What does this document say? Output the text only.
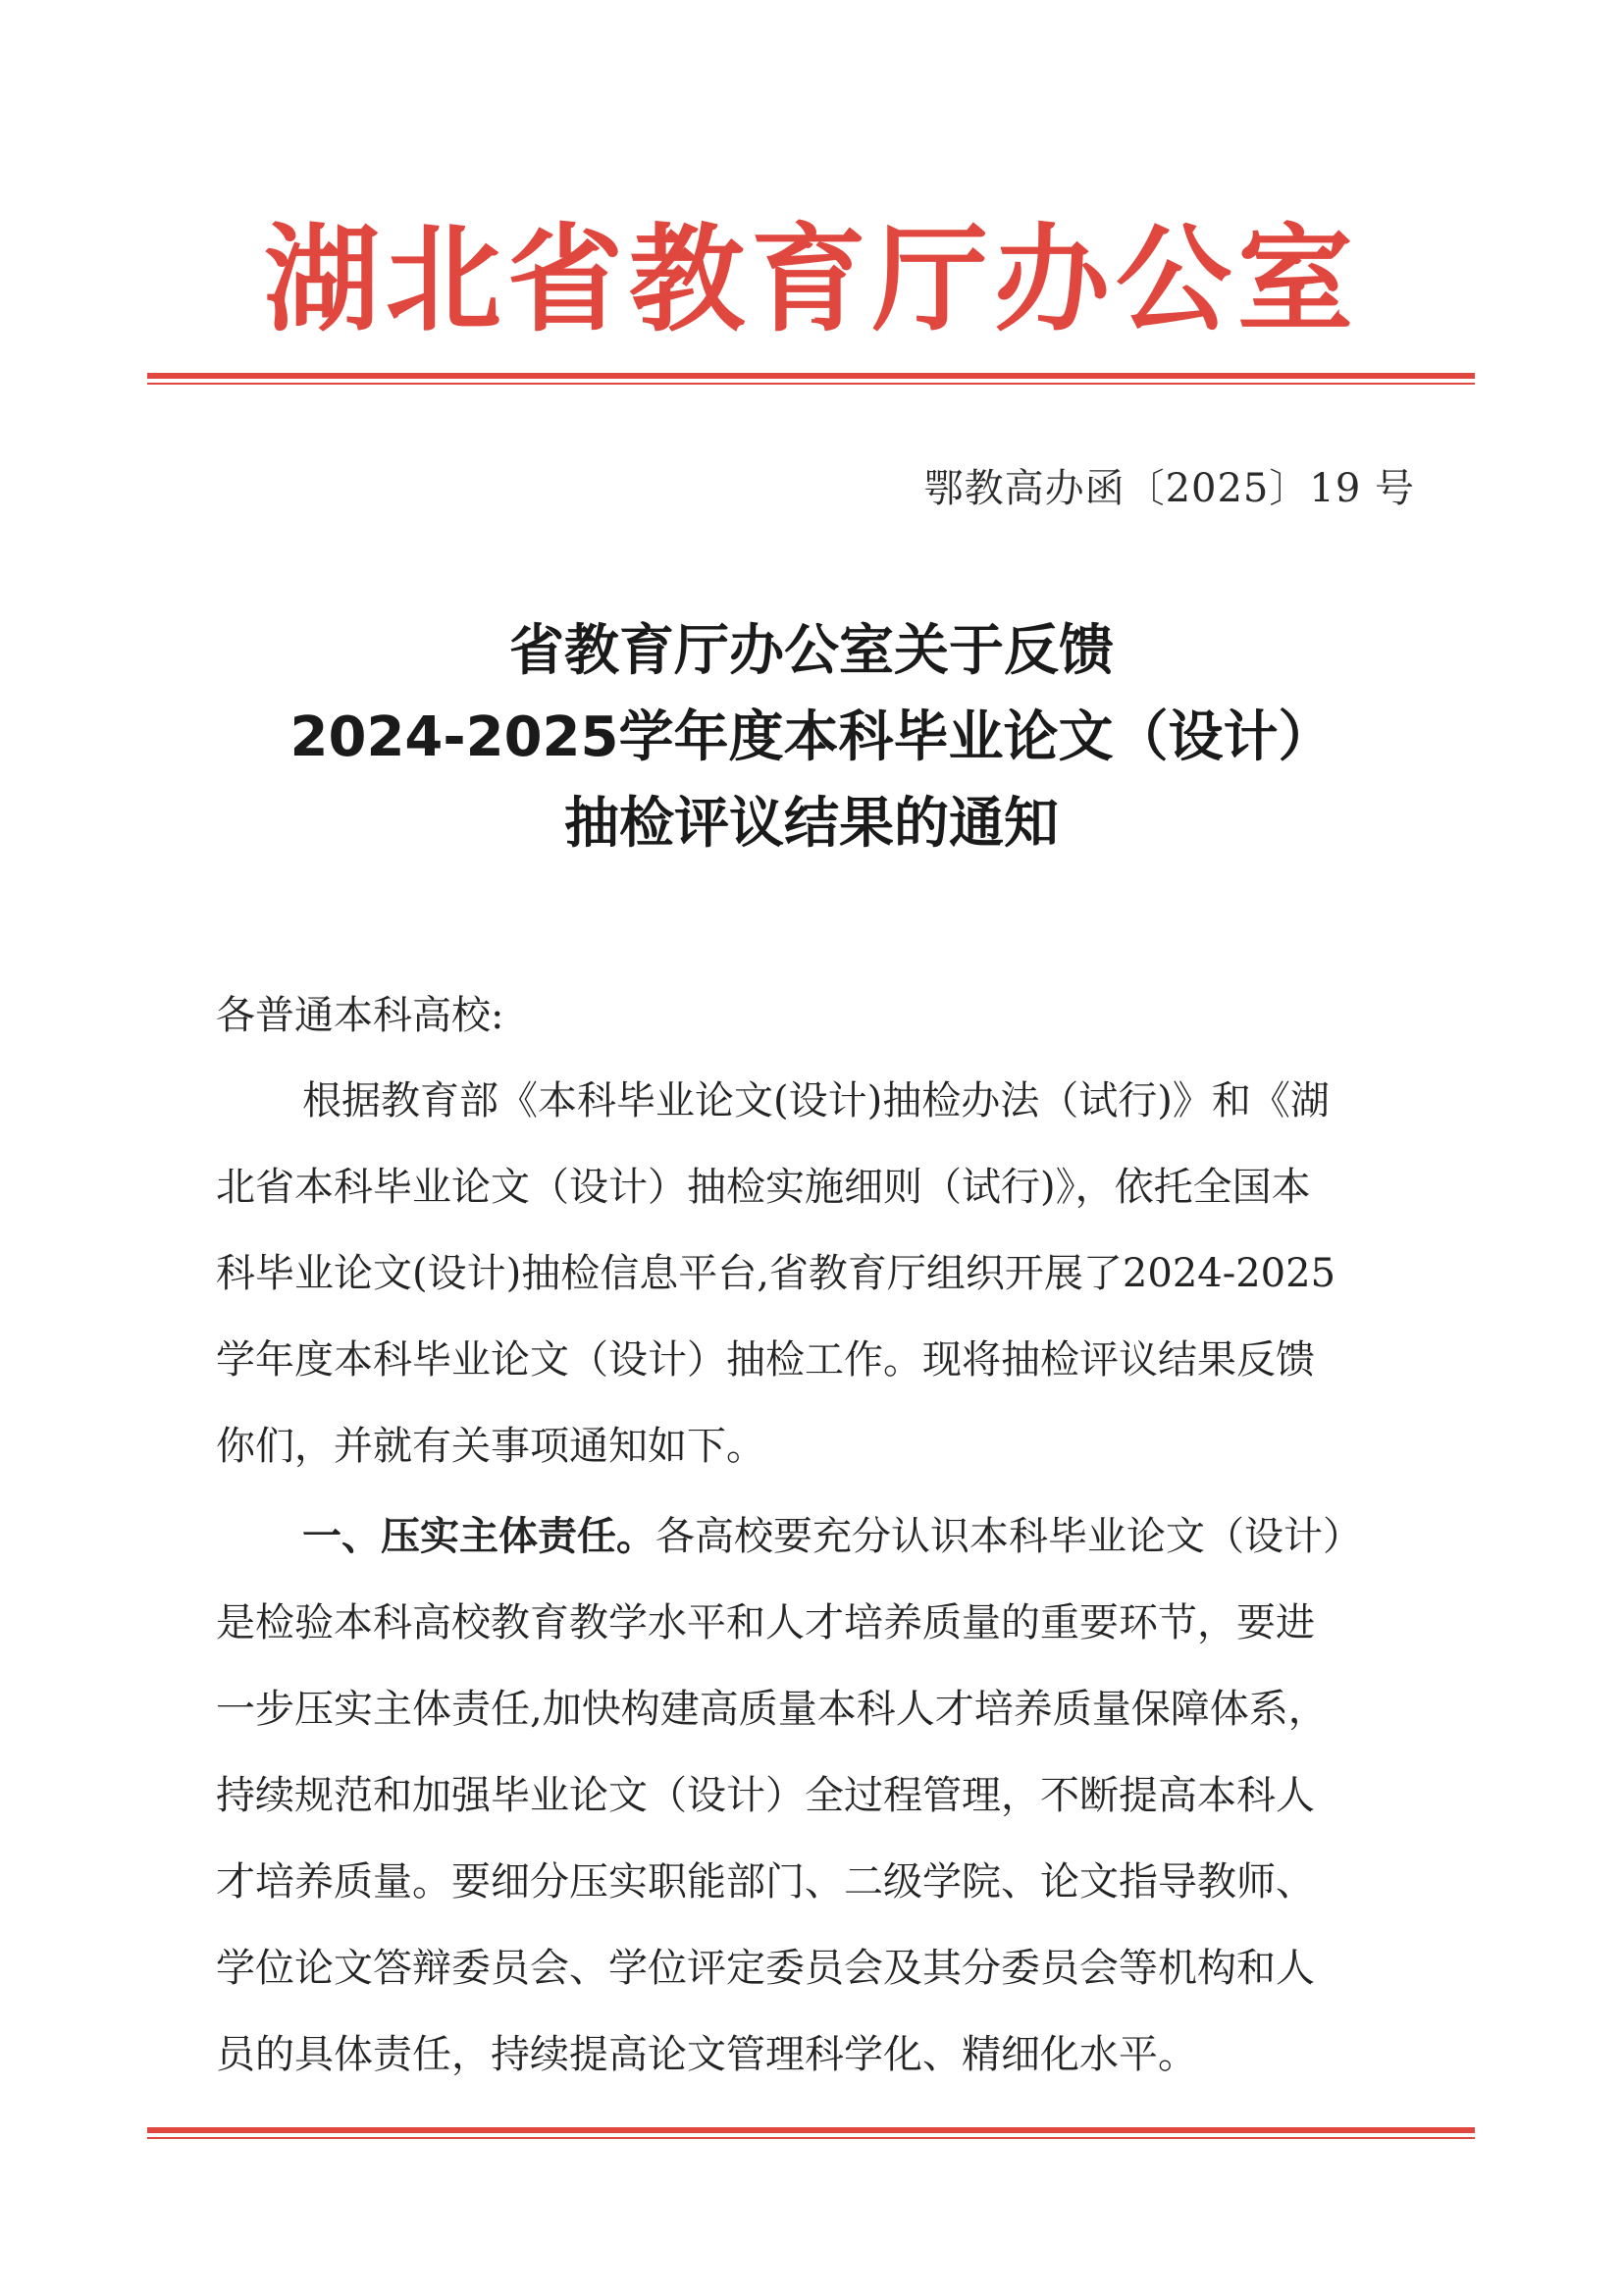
湖北省教育厅办公室
鄂教高办函〔2025〕19 号
省教育厅办公室关于反馈
2024-2025学年度本科毕业论文（设计）
抽检评议结果的通知
各普通本科高校:
根据教育部《本科毕业论文(设计)抽检办法（试行)》和《湖
北省本科毕业论文（设计）抽检实施细则（试行)》，依托全国本
科毕业论文(设计)抽检信息平台,省教育厅组织开展了2024-2025
学年度本科毕业论文（设计）抽检工作。现将抽检评议结果反馈
你们，并就有关事项通知如下。
一、压实主体责任。各高校要充分认识本科毕业论文（设计）
是检验本科高校教育教学水平和人才培养质量的重要环节，要进
一步压实主体责任,加快构建高质量本科人才培养质量保障体系，
持续规范和加强毕业论文（设计）全过程管理，不断提高本科人
才培养质量。要细分压实职能部门、二级学院、论文指导教师、
学位论文答辩委员会、学位评定委员会及其分委员会等机构和人
员的具体责任，持续提高论文管理科学化、精细化水平。
